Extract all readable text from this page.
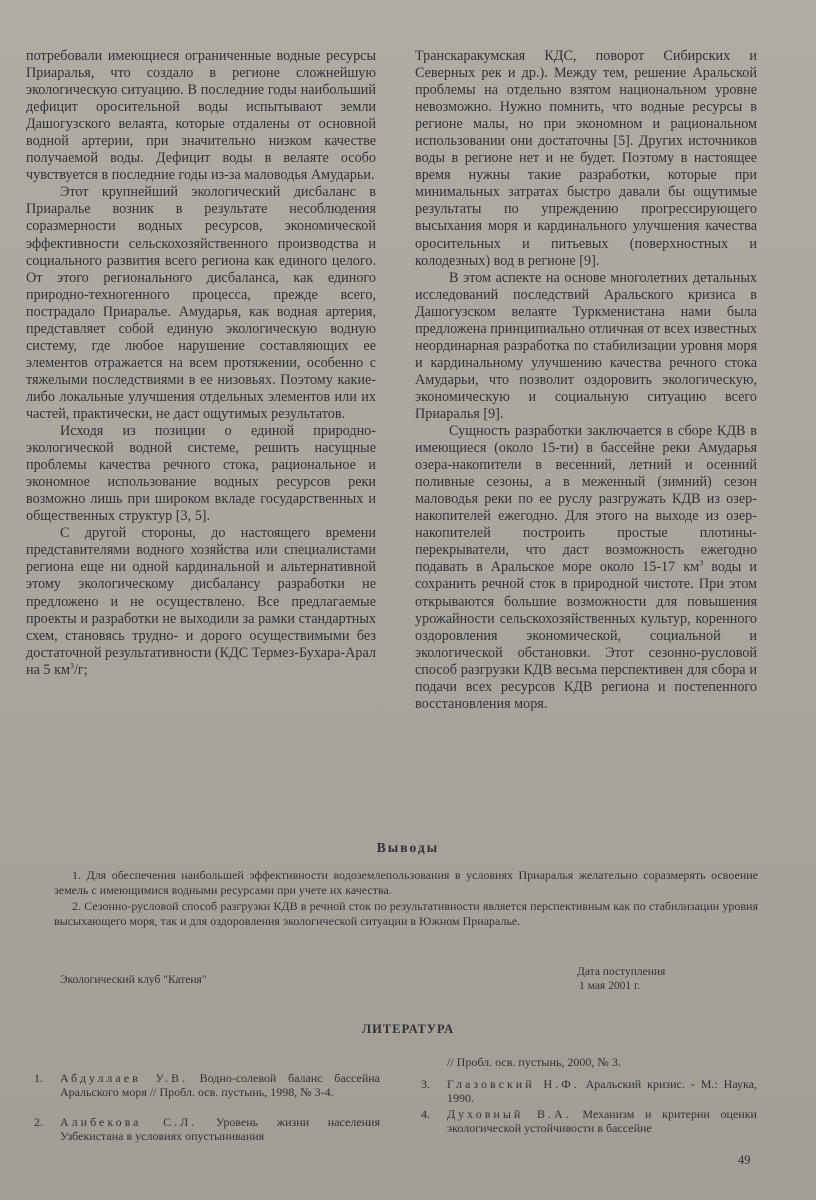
потребовали имеющиеся ограниченные водные ресурсы Приаралья, что создало в регионе сложнейшую экологическую ситуацию. В последние годы наибольший дефицит оросительной воды испытывают земли Дашогузского велаята, которые отдалены от основной водной артерии, при значительно низком качестве получаемой воды. Дефицит воды в велаяте особо чувствуется в последние годы из-за маловодья Амударьи.

Этот крупнейший экологический дисбаланс в Приаралье возник в результате несоблюдения соразмерности водных ресурсов, экономической эффективности сельскохозяйственного производства и социального развития всего региона как единого целого. От этого регионального дисбаланса, как единого природно-техногенного процесса, прежде всего, пострадало Приаралье. Амударья, как водная артерия, представляет собой единую экологическую водную систему, где любое нарушение составляющих ее элементов отражается на всем протяжении, особенно с тяжелыми последствиями в ее низовьях. Поэтому какие-либо локальные улучшения отдельных элементов или их частей, практически, не даст ощутимых результатов.

Исходя из позиции о единой природно-экологической водной системе, решить насущные проблемы качества речного стока, рациональное и экономное использование водных ресурсов реки возможно лишь при широком вкладе государственных и общественных структур [3, 5].

С другой стороны, до настоящего времени представителями водного хозяйства или специалистами региона еще ни одной кардинальной и альтернативной этому экологическому дисбалансу разработки не предложено и не осуществлено. Все предлагаемые проекты и разработки не выходили за рамки стандартных схем, становясь трудно- и дорого осуществимыми без достаточной результативности (КДС Термез-Бухара-Арал на 5 $км^3/г$;

Транскаракумская КДС, поворот Сибирских и Северных рек и др.). Между тем, решение Аральской проблемы на отдельно взятом национальном уровне невозможно. Нужно помнить, что водные ресурсы в регионе малы, но при экономном и рациональном использовании они достаточны [5]. Других источников воды в регионе нет и не будет. Поэтому в настоящее время нужны такие разработки, которые при минимальных затратах быстро давали бы ощутимые результаты по упреждению прогрессирующего высыхания моря и кардинального улучшения качества оросительных и питьевых (поверхностных и колодезных) вод в регионе [9].

В этом аспекте на основе многолетних детальных исследований последствий Аральского кризиса в Дашогузском велаяте Туркменистана нами была предложена принципиально отличная от всех известных неординарная разработка по стабилизации уровня моря и кардинальному улучшению качества речного стока Амударьи, что позволит оздоровить экологическую, экономическую и социальную ситуацию всего Приаралья [9].

Сущность разработки заключается в сборе КДВ в имеющиеся (около 15-ти) в бассейне реки Амударья озера-накопители в весенний, летний и осенний поливные сезоны, а в меженный (зимний) сезон маловодья реки по ее руслу разгружать КДВ из озер-накопителей ежегодно. Для этого на выходе из озер-накопителей построить простые плотины-перекрыватели, что даст возможность ежегодно подавать в Аральское море около 15-17 $км^3$ воды и сохранить речной сток в природной чистоте. При этом открываются большие возможности для повышения урожайности сельскохозяйственных культур, коренного оздоровления экономической, социальной и экологической обстановки. Этот сезонно-русловой способ разгрузки КДВ весьма перспективен для сбора и подачи всех ресурсов КДВ региона и постепенного восстановления моря.

Выводы

1. Для обеспечения наибольшей эффективности водоземлепользования в условиях Приаралья желательно соразмерять освоение земель с имеющимися водными ресурсами при учете их качества.

2. Сезонно-русловой способ разгрузки КДВ в речной сток по результативности является перспективным как по стабилизации уровня высыхающего моря, так и для оздоровления экологической ситуации в Южном Приаралье.

Экологический клуб "Катеня"
Дата поступления
1 мая 2001 г.
ЛИТЕРАТУРА
1. Абдуллаев У.В. Водно-солевой баланс бассейна Аральского моря // Пробл. осв. пустынь, 1998, № 3-4.
2. Алибекова С.Л. Уровень жизни населения Узбекистана в условиях опустынивания
// Пробл. осв. пустынь, 2000, № 3.
3. Глазовский Н.Ф. Аральский кризис. - М.: Наука, 1990.
4. Духовный В.А. Механизм и критерии оценки экологической устойчивости в бассейне
49
